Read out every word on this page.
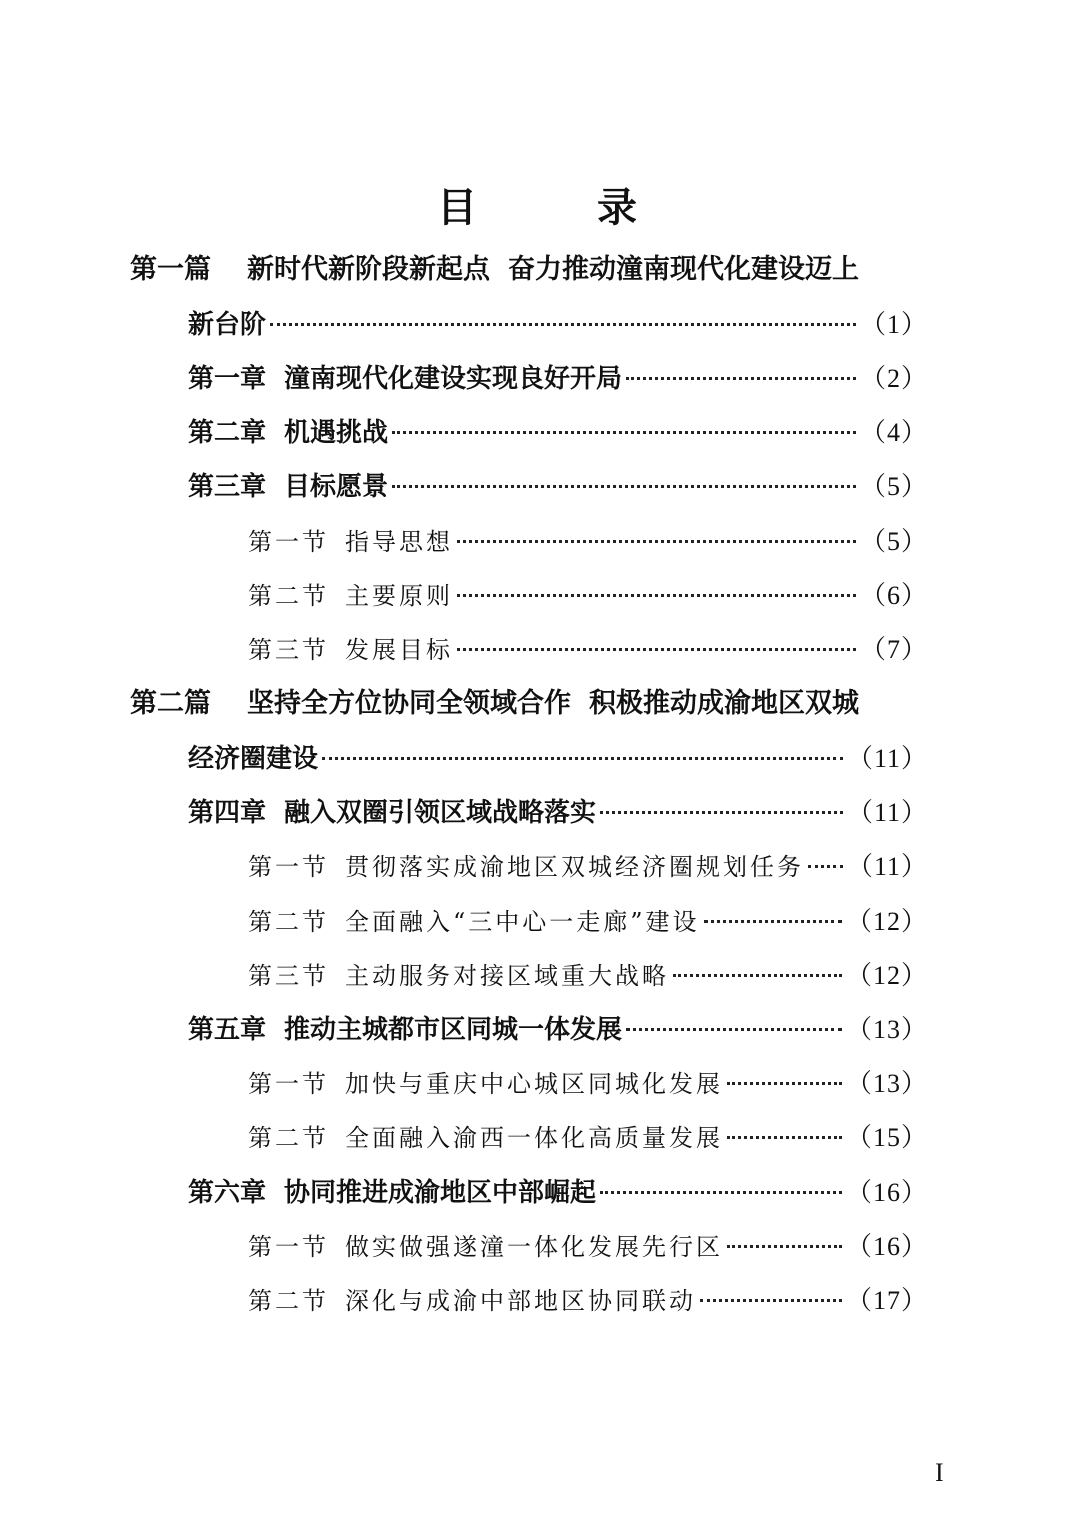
目　录
第一篇 新时代新阶段新起点 奋力推动潼南现代化建设迈上
新台阶	（1）
第一章 潼南现代化建设实现良好开局	（2）
第二章 机遇挑战	（4）
第三章 目标愿景	（5）
第一节 指导思想	（5）
第二节 主要原则	（6）
第三节 发展目标	（7）
第二篇 坚持全方位协同全领域合作 积极推动成渝地区双城
经济圈建设	（11）
第四章 融入双圈引领区域战略落实	（11）
第一节 贯彻落实成渝地区双城经济圈规划任务 （11）
第二节 全面融入“三中心一走廊”建设	（12）
第三节 主动服务对接区域重大战略	（12）
第五章 推动主城都市区同城一体发展	（13）
第一节 加快与重庆中心城区同城化发展	（13）
第二节 全面融入渝西一体化高质量发展	（15）
第六章 协同推进成渝地区中部崛起	（16）
第一节 做实做强遂潼一体化发展先行区	（16）
第二节 深化与成渝中部地区协同联动	（17）
I
